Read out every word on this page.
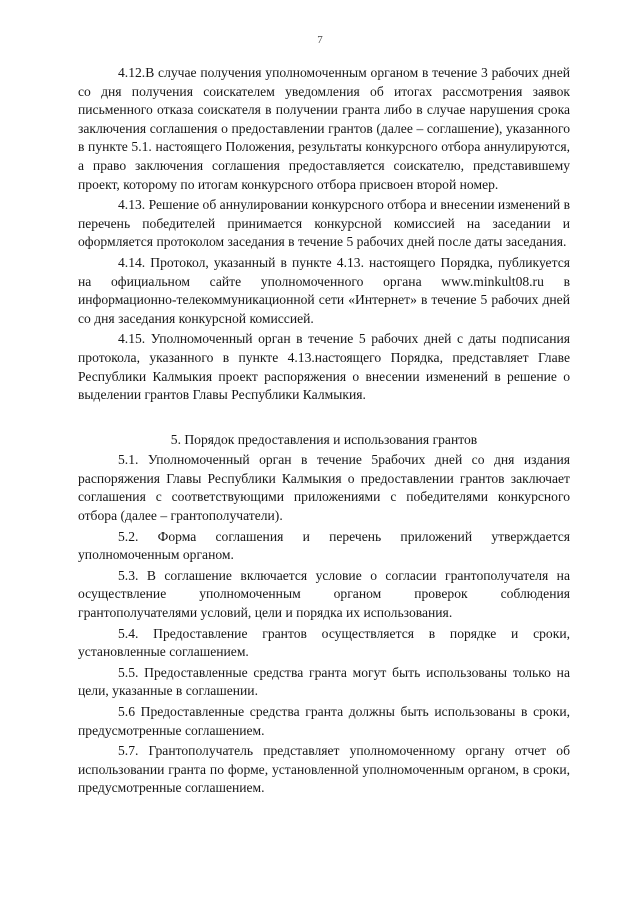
7

4.12.В случае получения уполномоченным органом в течение 3 рабочих дней со дня получения соискателем уведомления об итогах рассмотрения заявок письменного отказа соискателя в получении гранта либо в случае нарушения срока заключения соглашения о предоставлении грантов (далее – соглашение), указанного в пункте 5.1. настоящего Положения, результаты конкурсного отбора аннулируются, а право заключения соглашения предоставляется соискателю, представившему проект, которому по итогам конкурсного отбора присвоен второй номер.

4.13. Решение об аннулировании конкурсного отбора и внесении изменений в перечень победителей принимается конкурсной комиссией на заседании и оформляется протоколом заседания в течение 5 рабочих дней после даты заседания.

4.14. Протокол, указанный в пункте 4.13. настоящего Порядка, публикуется на официальном сайте уполномоченного органа www.minkult08.ru в информационно-телекоммуникационной сети «Интернет» в течение 5 рабочих дней со дня заседания конкурсной комиссией.

4.15. Уполномоченный орган в течение 5 рабочих дней с даты подписания протокола, указанного в пункте 4.13.настоящего Порядка, представляет Главе Республики Калмыкия проект распоряжения о внесении изменений в решение о выделении грантов Главы Республики Калмыкия.

5. Порядок предоставления и использования грантов

5.1. Уполномоченный орган в течение 5рабочих дней со дня издания распоряжения Главы Республики Калмыкия о предоставлении грантов заключает соглашения с соответствующими приложениями с победителями конкурсного отбора (далее – грантополучатели).

5.2. Форма соглашения и перечень приложений утверждается уполномоченным органом.

5.3. В соглашение включается условие о согласии грантополучателя на осуществление уполномоченным органом проверок соблюдения грантополучателями условий, цели и порядка их использования.

5.4. Предоставление грантов осуществляется в порядке и сроки, установленные соглашением.

5.5. Предоставленные средства гранта могут быть использованы только на цели, указанные в соглашении.

5.6 Предоставленные средства гранта должны быть использованы в сроки, предусмотренные соглашением.

5.7. Грантополучатель представляет уполномоченному органу отчет об использовании гранта по форме, установленной уполномоченным органом, в сроки, предусмотренные соглашением.
